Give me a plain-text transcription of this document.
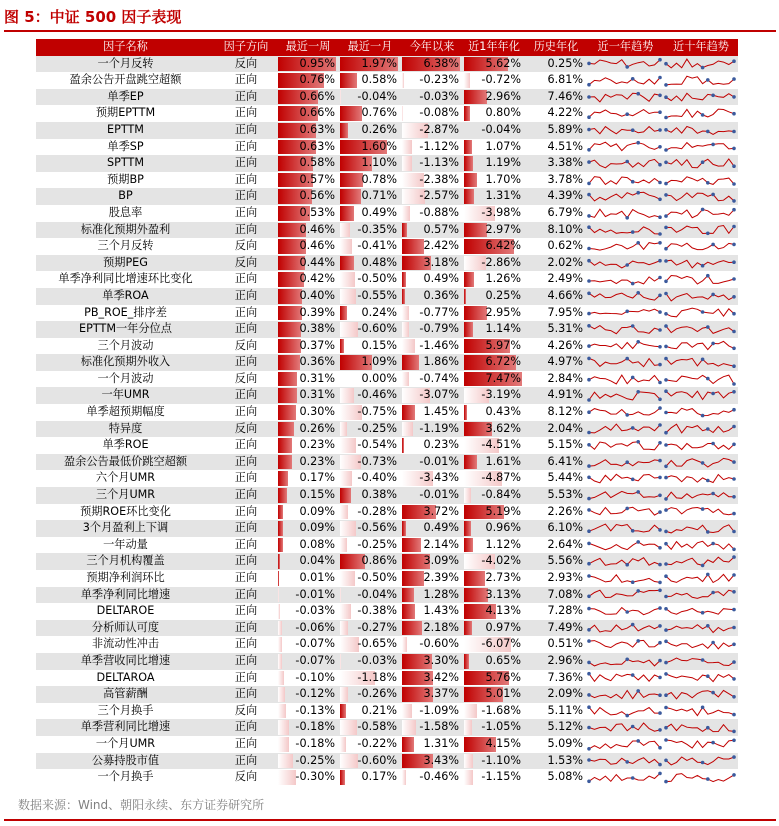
图 5：中证 500 因子表现
因子名称	因子方向	最近一周	最近一月	今年以来	近1年年化	历史年化	近一年趋势	近十年趋势
一个月反转	反向	0.95%	1.97%	6.38%	5.62%	0.25%

盈余公告开盘跳空超额	正向	0.76%	0.58%	-0.23%	-0.72%	6.81%

单季EP	正向	0.66%	-0.04%	-0.03%	2.96%	7.46%

预期EPTTM	正向	0.66%	0.76%	-0.08%	0.80%	4.22%

EPTTM	正向	0.63%	0.26%	-2.87%	-0.04%	5.89%

单季SP	正向	0.63%	1.60%	-1.12%	1.07%	4.51%

SPTTM	正向	0.58%	1.10%	-1.13%	1.19%	3.38%

预期BP	正向	0.57%	0.78%	-2.38%	1.70%	3.78%

BP	正向	0.56%	0.71%	-2.57%	1.31%	4.39%

股息率	正向	0.53%	0.49%	-0.88%	-3.98%	6.79%

标准化预期外盈利	正向	0.46%	-0.35%	0.57%	2.97%	8.10%

三个月反转	反向	0.46%	-0.41%	2.42%	6.42%	0.62%

预期PEG	反向	0.44%	0.48%	3.18%	-2.86%	2.02%

单季净利同比增速环比变化	正向	0.42%	-0.50%	0.49%	1.26%	2.49%

单季ROA	正向	0.40%	-0.55%	0.36%	0.25%	4.66%

PB_ROE_排序差	正向	0.39%	0.24%	-0.77%	2.95%	7.95%

EPTTM一年分位点	正向	0.38%	-0.60%	-0.79%	1.14%	5.31%

三个月波动	反向	0.37%	0.15%	-1.46%	5.97%	4.26%

标准化预期外收入	正向	0.36%	1.09%	1.86%	6.72%	4.97%

一个月波动	反向	0.31%	0.00%	-0.74%	7.47%	2.84%

一年UMR	正向	0.31%	-0.46%	-3.07%	-3.19%	4.91%

单季超预期幅度	正向	0.30%	-0.75%	1.45%	0.43%	8.12%

特异度	反向	0.26%	-0.25%	-1.19%	3.62%	2.04%

单季ROE	正向	0.23%	-0.54%	0.23%	-4.51%	5.15%

盈余公告最低价跳空超额	正向	0.23%	-0.73%	-0.01%	1.61%	6.41%

六个月UMR	正向	0.17%	-0.40%	-3.43%	-4.87%	5.44%

三个月UMR	正向	0.15%	0.38%	-0.01%	-0.84%	5.53%

预期ROE环比变化	正向	0.09%	-0.28%	3.72%	5.19%	2.26%

3个月盈利上下调	正向	0.09%	-0.56%	0.49%	0.96%	6.10%

一年动量	正向	0.08%	-0.25%	2.14%	1.12%	2.64%

三个月机构覆盖	正向	0.04%	0.86%	3.09%	-4.02%	5.56%

预期净利润环比	正向	0.01%	-0.50%	2.39%	2.73%	2.93%

单季净利同比增速	正向	-0.01%	-0.04%	1.28%	3.13%	7.08%

DELTAROE	正向	-0.03%	-0.38%	1.43%	4.13%	7.28%

分析师认可度	正向	-0.06%	-0.27%	2.18%	0.97%	7.49%

非流动性冲击	正向	-0.07%	-0.65%	-0.60%	-6.07%	0.51%

单季营收同比增速	正向	-0.07%	-0.03%	3.30%	0.65%	2.96%

DELTAROA	正向	-0.10%	-1.18%	3.42%	5.76%	7.36%

高管薪酬	正向	-0.12%	-0.26%	3.37%	5.01%	2.09%

三个月换手	反向	-0.13%	0.21%	-1.09%	-1.68%	5.11%

单季营利同比增速	正向	-0.18%	-0.58%	-1.58%	-1.05%	5.12%

一个月UMR	正向	-0.18%	-0.22%	1.31%	4.15%	5.09%

公募持股市值	正向	-0.25%	-0.60%	3.43%	-1.10%	1.53%

一个月换手	反向	-0.30%	0.17%	-0.46%	-1.15%	5.08%

数据来源：Wind、朝阳永续、东方证券研究所
